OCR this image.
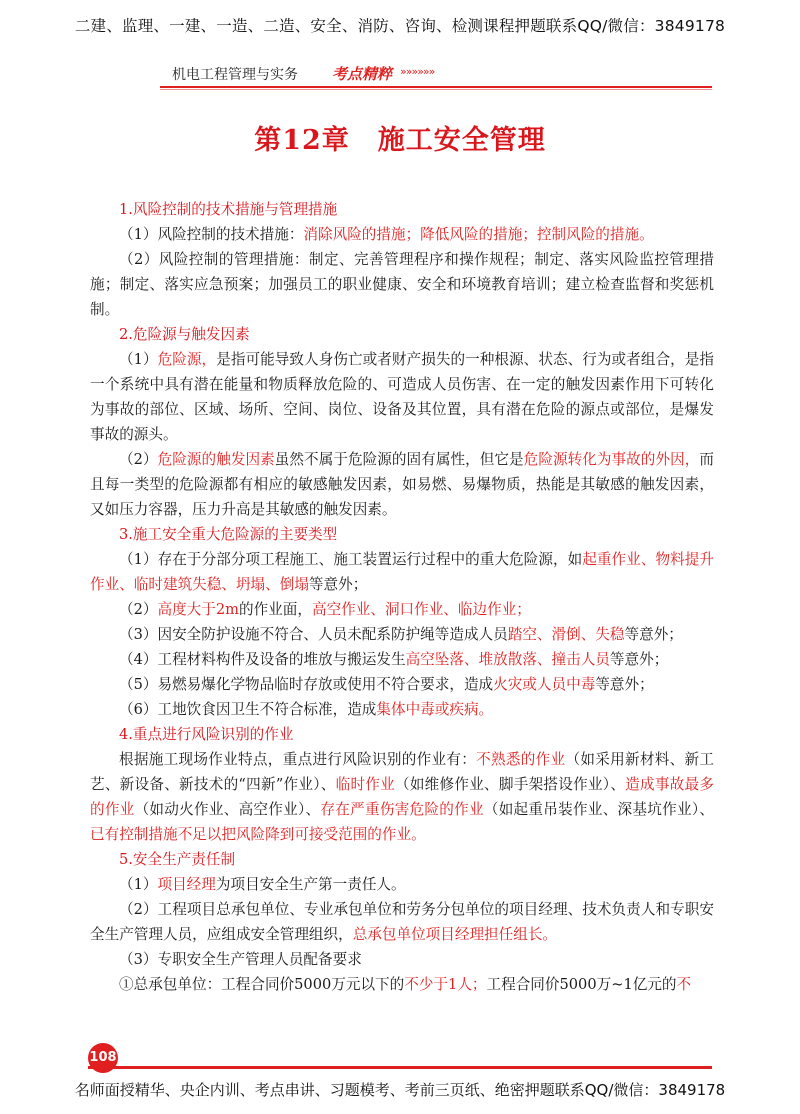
二建、监理、一建、一造、二造、安全、消防、咨询、检测课程押题联系QQ/微信：3849178
机电工程管理与实务 考点精粹 »»»»»»
第12章　施工安全管理

1.风险控制的技术措施与管理措施

（1）风险控制的技术措施：消除风险的措施；降低风险的措施；控制风险的措施。

（2）风险控制的管理措施：制定、完善管理程序和操作规程；制定、落实风险监控管理措施；制定、落实应急预案；加强员工的职业健康、安全和环境教育培训；建立检查监督和奖惩机制。

2.危险源与触发因素

（1）危险源，是指可能导致人身伤亡或者财产损失的一种根源、状态、行为或者组合，是指一个系统中具有潜在能量和物质释放危险的、可造成人员伤害、在一定的触发因素作用下可转化为事故的部位、区域、场所、空间、岗位、设备及其位置，具有潜在危险的源点或部位，是爆发事故的源头。

（2）危险源的触发因素虽然不属于危险源的固有属性，但它是危险源转化为事故的外因，而且每一类型的危险源都有相应的敏感触发因素，如易燃、易爆物质，热能是其敏感的触发因素，又如压力容器，压力升高是其敏感的触发因素。

3.施工安全重大危险源的主要类型

（1）存在于分部分项工程施工、施工装置运行过程中的重大危险源，如起重作业、物料提升作业、临时建筑失稳、坍塌、倒塌等意外；

（2）高度大于2m的作业面，高空作业、洞口作业、临边作业；

（3）因安全防护设施不符合、人员未配系防护绳等造成人员踏空、滑倒、失稳等意外；

（4）工程材料构件及设备的堆放与搬运发生高空坠落、堆放散落、撞击人员等意外；

（5）易燃易爆化学物品临时存放或使用不符合要求，造成火灾或人员中毒等意外；

（6）工地饮食因卫生不符合标准，造成集体中毒或疾病。

4.重点进行风险识别的作业

根据施工现场作业特点，重点进行风险识别的作业有：不熟悉的作业（如采用新材料、新工艺、新设备、新技术的“四新”作业）、临时作业（如维修作业、脚手架搭设作业）、造成事故最多的作业（如动火作业、高空作业）、存在严重伤害危险的作业（如起重吊装作业、深基坑作业）、已有控制措施不足以把风险降到可接受范围的作业。

5.安全生产责任制

（1）项目经理为项目安全生产第一责任人。

（2）工程项目总承包单位、专业承包单位和劳务分包单位的项目经理、技术负责人和专职安全生产管理人员，应组成安全管理组织，总承包单位项目经理担任组长。

（3）专职安全生产管理人员配备要求

①总承包单位：工程合同价5000万元以下的不少于1人；工程合同价5000万~1亿元的不

108
名师面授精华、央企内训、考点串讲、习题模考、考前三页纸、绝密押题联系QQ/微信：3849178
